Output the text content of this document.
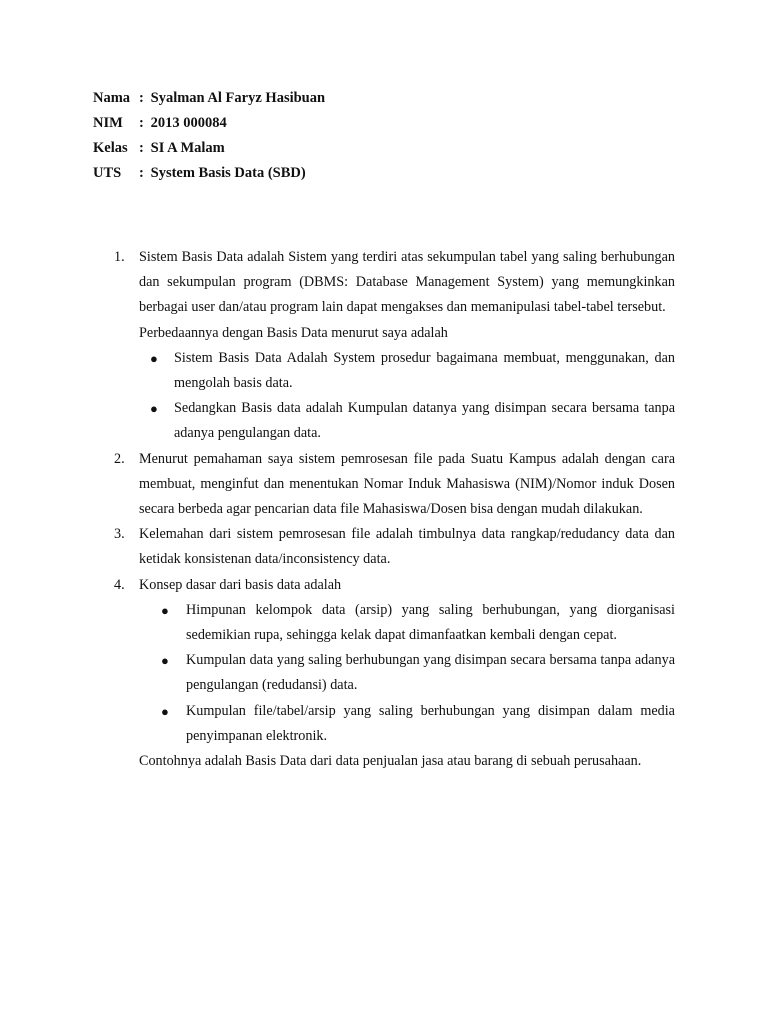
Nama : Syalman Al Faryz Hasibuan
NIM : 2013 000084
Kelas : SI A Malam
UTS : System Basis Data (SBD)
1. Sistem Basis Data adalah Sistem yang terdiri atas sekumpulan tabel yang saling berhubungan dan sekumpulan program (DBMS: Database Management System) yang memungkinkan berbagai user dan/atau program lain dapat mengakses dan memanipulasi tabel-tabel tersebut.

Perbedaannya dengan Basis Data menurut saya adalah

● Sistem Basis Data Adalah System prosedur bagaimana membuat, menggunakan, dan mengolah basis data.
● Sedangkan Basis data adalah Kumpulan datanya yang disimpan secara bersama tanpa adanya pengulangan data.
2. Menurut pemahaman saya sistem pemrosesan file pada Suatu Kampus adalah dengan cara membuat, menginfut dan menentukan Nomar Induk Mahasiswa (NIM)/Nomor induk Dosen secara berbeda agar pencarian data file Mahasiswa/Dosen bisa dengan mudah dilakukan.

3. Kelemahan dari sistem pemrosesan file adalah timbulnya data rangkap/redudancy data dan ketidak konsistenan data/inconsistency data.

4. Konsep dasar dari basis data adalah

● Himpunan kelompok data (arsip) yang saling berhubungan, yang diorganisasi sedemikian rupa, sehingga kelak dapat dimanfaatkan kembali dengan cepat.
● Kumpulan data yang saling berhubungan yang disimpan secara bersama tanpa adanya pengulangan (redudansi) data.
● Kumpulan file/tabel/arsip yang saling berhubungan yang disimpan dalam media penyimpanan elektronik.

Contohnya adalah Basis Data dari data penjualan jasa atau barang di sebuah perusahaan.
